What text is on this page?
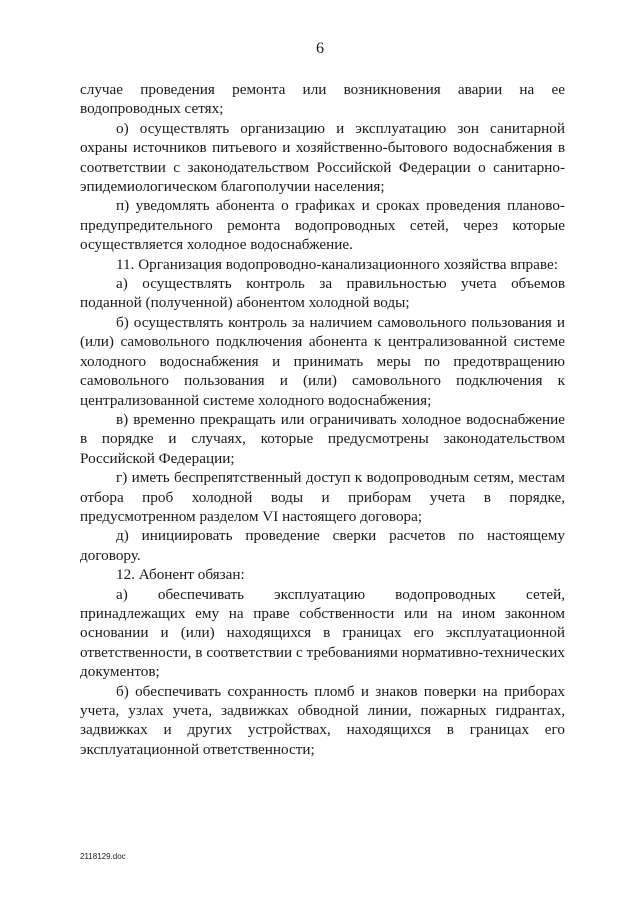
6

случае проведения ремонта или возникновения аварии на ее водопроводных сетях;

о) осуществлять организацию и эксплуатацию зон санитарной охраны источников питьевого и хозяйственно-бытового водоснабжения в соответствии с законодательством Российской Федерации о санитарно-эпидемиологическом благополучии населения;

п) уведомлять абонента о графиках и сроках проведения планово-предупредительного ремонта водопроводных сетей, через которые осуществляется холодное водоснабжение.

11. Организация водопроводно-канализационного хозяйства вправе:

а) осуществлять контроль за правильностью учета объемов поданной (полученной) абонентом холодной воды;

б) осуществлять контроль за наличием самовольного пользования и (или) самовольного подключения абонента к централизованной системе холодного водоснабжения и принимать меры по предотвращению самовольного пользования и (или) самовольного подключения к централизованной системе холодного водоснабжения;

в) временно прекращать или ограничивать холодное водоснабжение в порядке и случаях, которые предусмотрены законодательством Российской Федерации;

г) иметь беспрепятственный доступ к водопроводным сетям, местам отбора проб холодной воды и приборам учета в порядке, предусмотренном разделом VI настоящего договора;

д) инициировать проведение сверки расчетов по настоящему договору.

12. Абонент обязан:

а) обеспечивать эксплуатацию водопроводных сетей, принадлежащих ему на праве собственности или на ином законном основании и (или) находящихся в границах его эксплуатационной ответственности, в соответствии с требованиями нормативно-технических документов;

б) обеспечивать сохранность пломб и знаков поверки на приборах учета, узлах учета, задвижках обводной линии, пожарных гидрантах, задвижках и других устройствах, находящихся в границах его эксплуатационной ответственности;

2118129.doc
